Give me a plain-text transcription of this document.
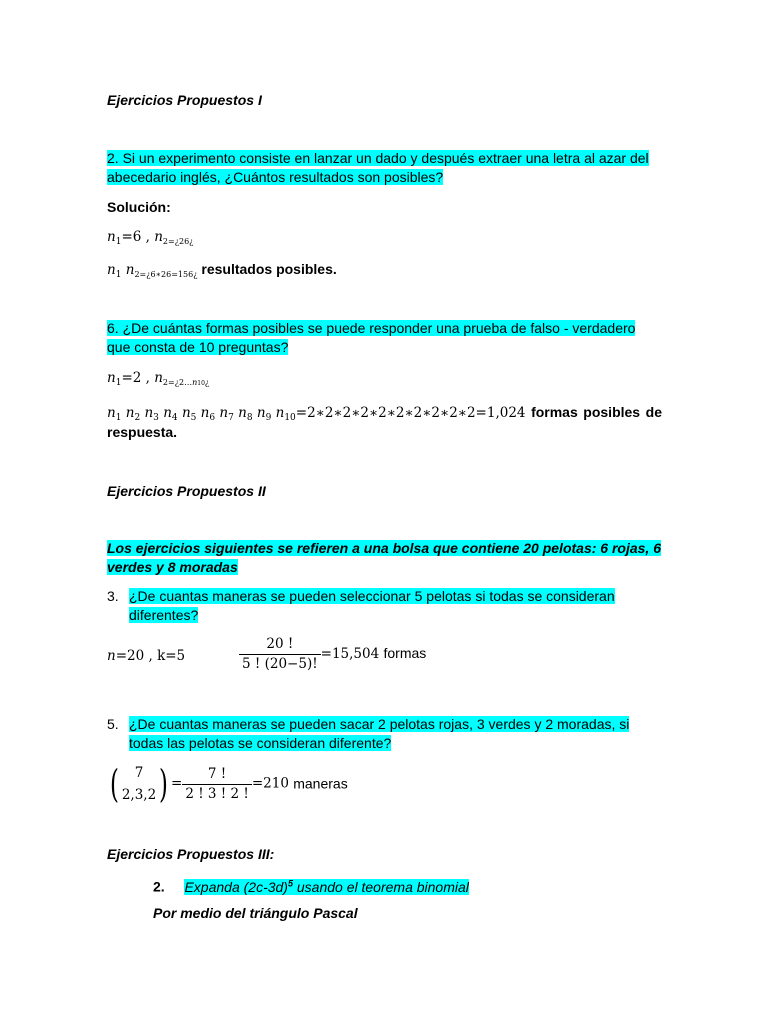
Ejercicios Propuestos I
2. Si un experimento consiste en lanzar un dado y después extraer una letra al azar del abecedario inglés, ¿Cuántos resultados son posibles?
Solución:
$n_1=6$ , $n_{2=¿26¿}$
$n_1$ $n_{2=¿6∗26=156¿}$ resultados posibles.
6. ¿De cuántas formas posibles se puede responder una prueba de falso - verdadero que consta de 10 preguntas?
$n_1=2$ , $n_{2=¿2\dots n10¿}$
$n_1$ $n_2$ $n_3$ $n_4$ $n_5$ $n_6$ $n_7$ $n_8$ $n_9$ $n_{10}=2∗2∗2∗2∗2∗2∗2∗2∗2∗2=1,024$ formas posibles de
respuesta.
Ejercicios Propuestos II
Los ejercicios siguientes se refieren a una bolsa que contiene 20 pelotas: 6 rojas, 6 verdes y 8 moradas
3. ¿De cuantas maneras se pueden seleccionar 5 pelotas si todas se consideran diferentes?
n=20 , k=5	$\frac{20 !}{5 ! (20-5)!} =15,504$ formas
5. ¿De cuantas maneras se pueden sacar 2 pelotas rojas, 3 verdes y 2 moradas, si todas las pelotas se consideran diferente?
(	7
2,3,2 ) = $\frac{7 !}{2 ! 3 ! 2 !} =210$ maneras
Ejercicios Propuestos III:
2. Expanda $(2c-3d)^5$ usando el teorema binomial
Por medio del triángulo Pascal
